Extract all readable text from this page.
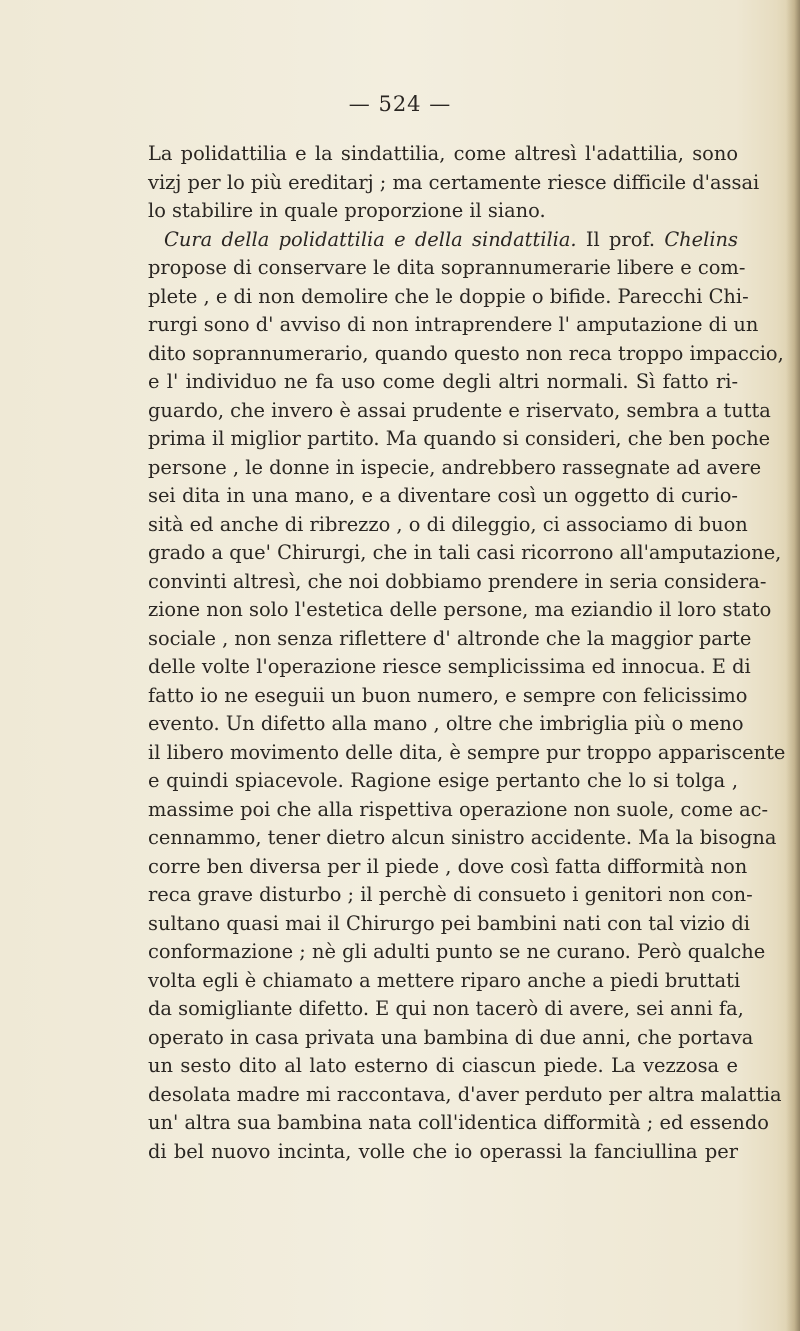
— 524 —
La polidattilia e la sindattilia, come altresì l'adattilia, sono
vizj per lo più ereditarj ; ma certamente riesce difficile d'assai
lo stabilire in quale proporzione il siano.
Cura della polidattilia e della sindattilia. Il prof. Chelins
propose di conservare le dita soprannumerarie libere e com-
plete , e di non demolire che le doppie o bifide. Parecchi Chi-
rurgi sono d' avviso di non intraprendere l' amputazione di un
dito soprannumerario, quando questo non reca troppo impaccio,
e l' individuo ne fa uso come degli altri normali. Sì fatto ri-
guardo, che invero è assai prudente e riservato, sembra a tutta
prima il miglior partito. Ma quando si consideri, che ben poche
persone , le donne in ispecie, andrebbero rassegnate ad avere
sei dita in una mano, e a diventare così un oggetto di curio-
sità ed anche di ribrezzo , o di dileggio, ci associamo di buon
grado a que' Chirurgi, che in tali casi ricorrono all'amputazione,
convinti altresì, che noi dobbiamo prendere in seria considera-
zione non solo l'estetica delle persone, ma eziandio il loro stato
sociale , non senza riflettere d' altronde che la maggior parte
delle volte l'operazione riesce semplicissima ed innocua. E di
fatto io ne eseguii un buon numero, e sempre con felicissimo
evento. Un difetto alla mano , oltre che imbriglia più o meno
il libero movimento delle dita, è sempre pur troppo appariscente
e quindi spiacevole. Ragione esige pertanto che lo si tolga ,
massime poi che alla rispettiva operazione non suole, come ac-
cennammo, tener dietro alcun sinistro accidente. Ma la bisogna
corre ben diversa per il piede , dove così fatta difformità non
reca grave disturbo ; il perchè di consueto i genitori non con-
sultano quasi mai il Chirurgo pei bambini nati con tal vizio di
conformazione ; nè gli adulti punto se ne curano. Però qualche
volta egli è chiamato a mettere riparo anche a piedi bruttati
da somigliante difetto. E qui non tacerò di avere, sei anni fa,
operato in casa privata una bambina di due anni, che portava
un sesto dito al lato esterno di ciascun piede. La vezzosa e
desolata madre mi raccontava, d'aver perduto per altra malattia
un' altra sua bambina nata coll'identica difformità ; ed essendo
di bel nuovo incinta, volle che io operassi la fanciullina per
